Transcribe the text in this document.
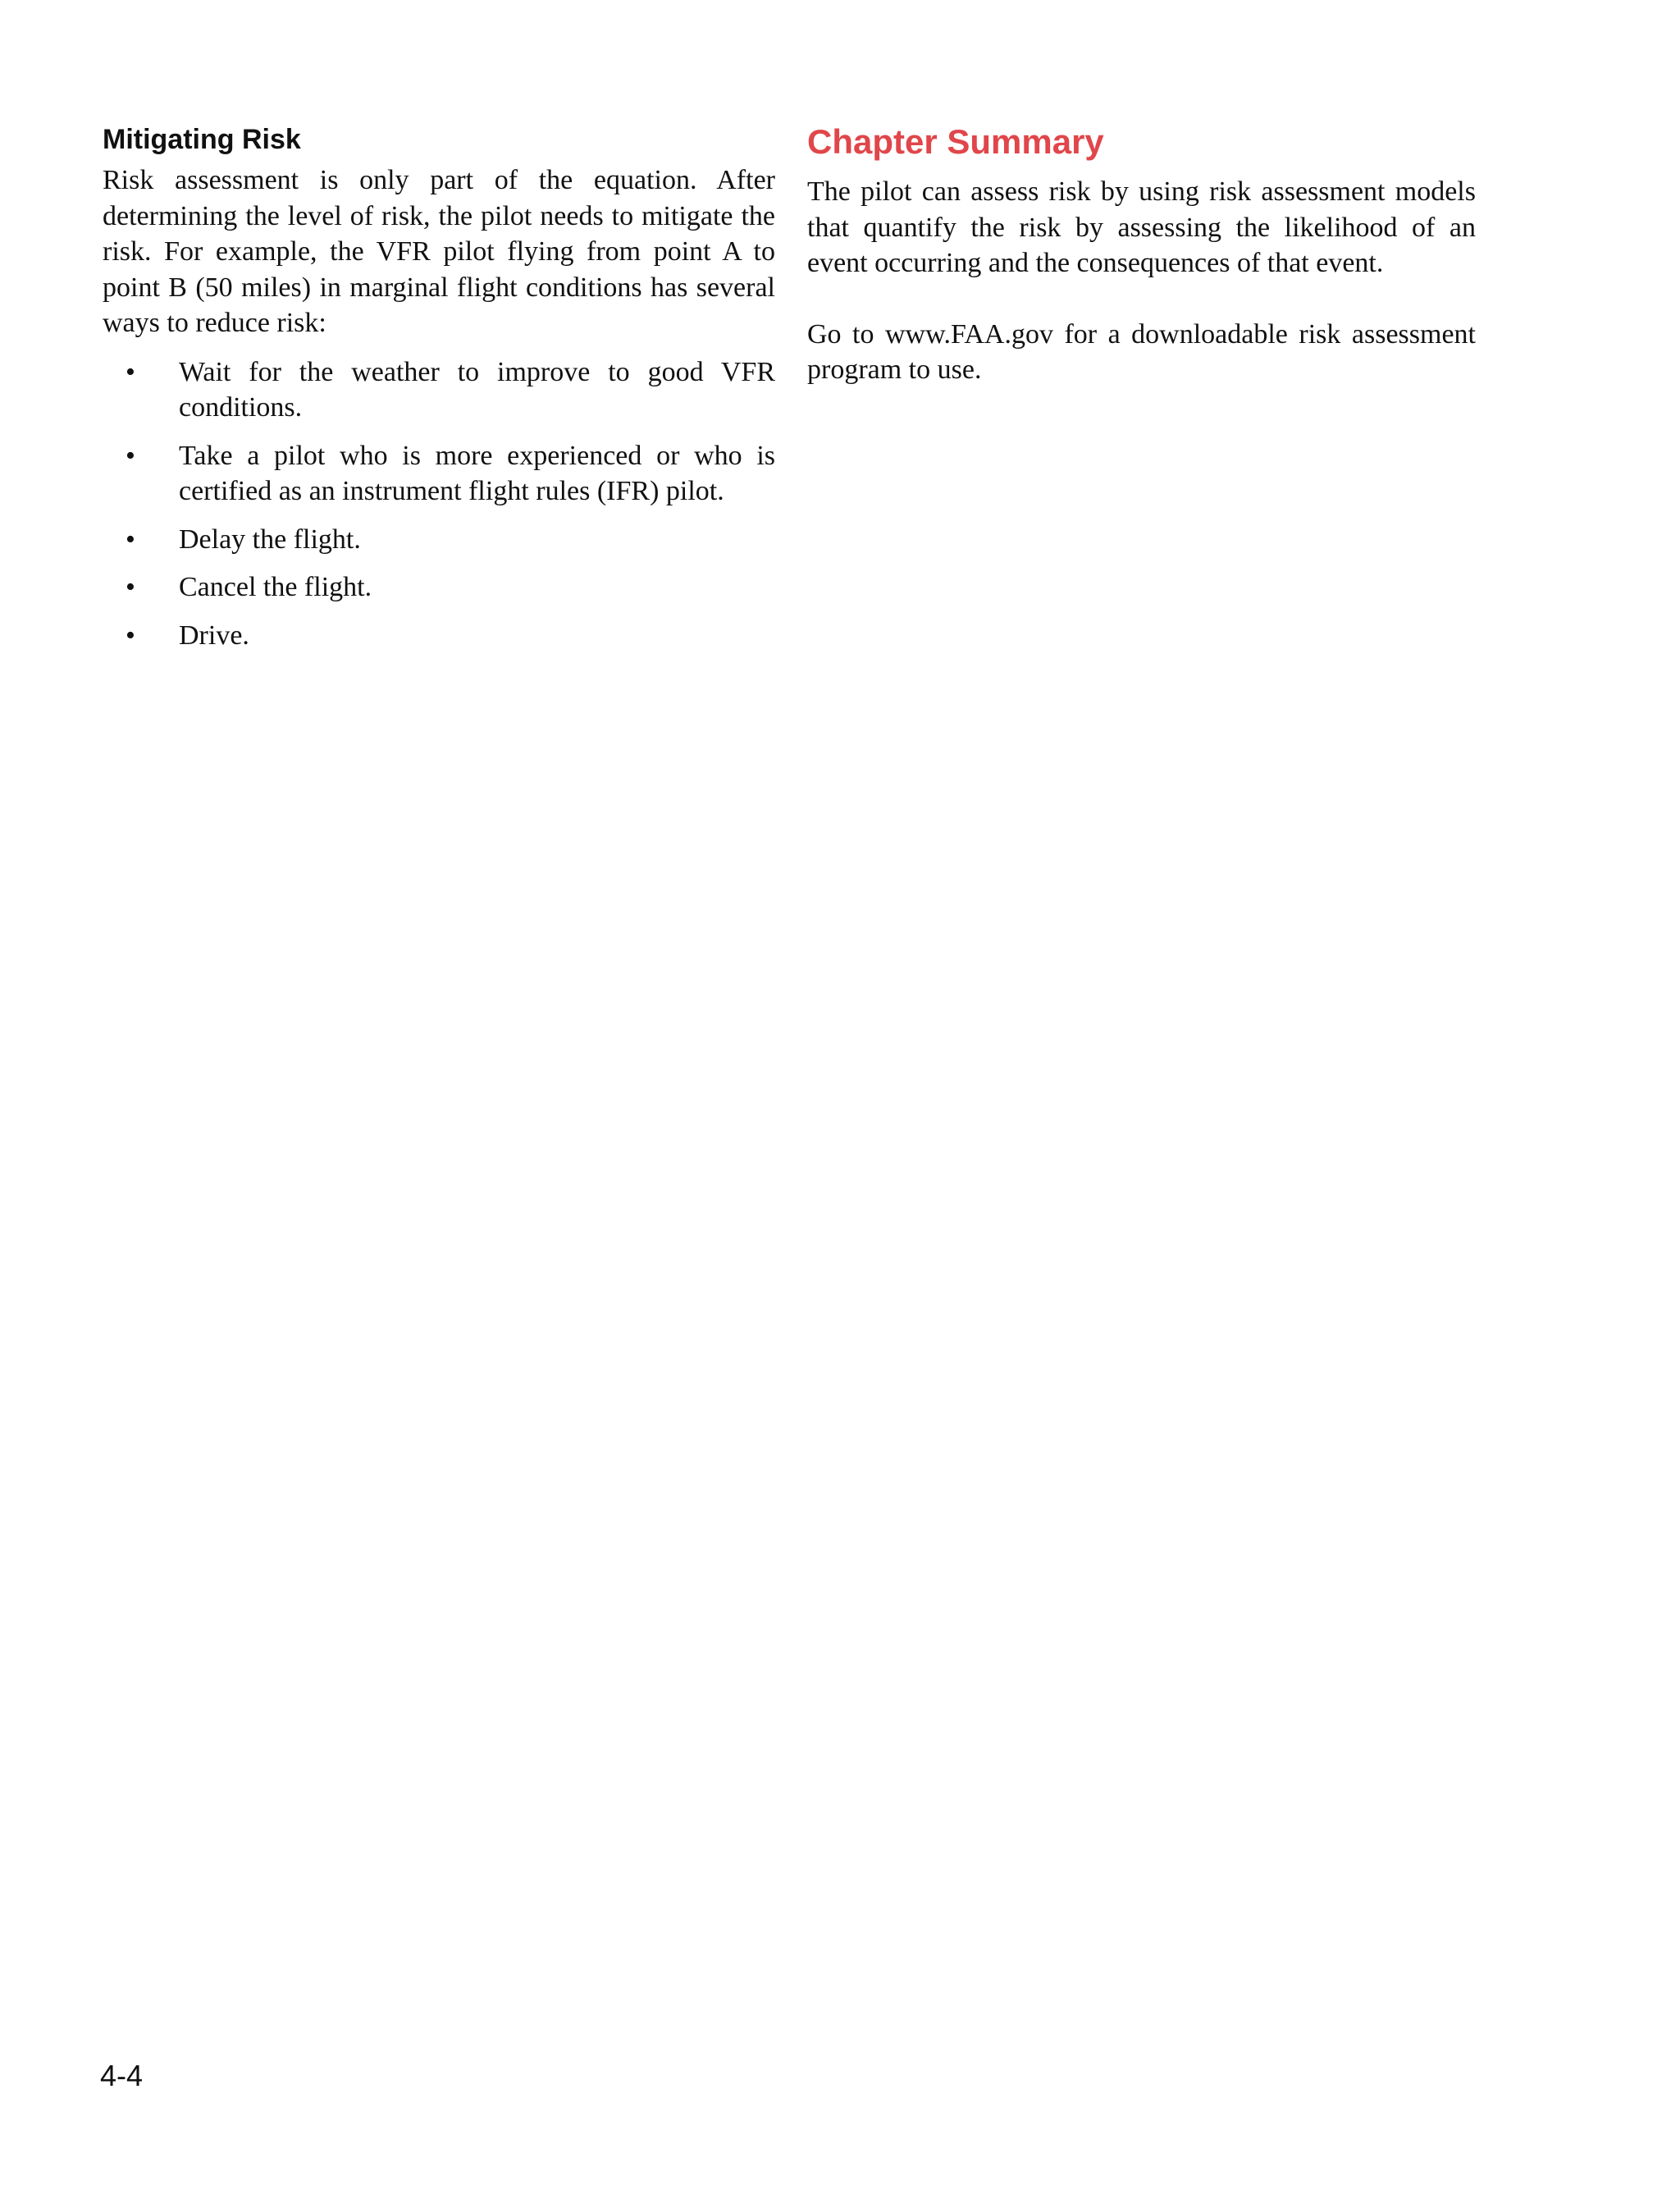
Mitigating Risk

Risk assessment is only part of the equation. After determining the level of risk, the pilot needs to mitigate the risk. For example, the VFR pilot flying from point A to point B (50 miles) in marginal flight conditions has several ways to reduce risk:

•	Wait for the weather to improve to good VFR conditions.
•	Take a pilot who is more experienced or who is certified as an instrument flight rules (IFR) pilot.
•	Delay the flight.
•	Cancel the flight.
•	Drive.
Chapter Summary

The pilot can assess risk by using risk assessment models that quantify the risk by assessing the likelihood of an event occurring and the consequences of that event.

Go to www.FAA.gov for a downloadable risk assessment program to use.

4-4
